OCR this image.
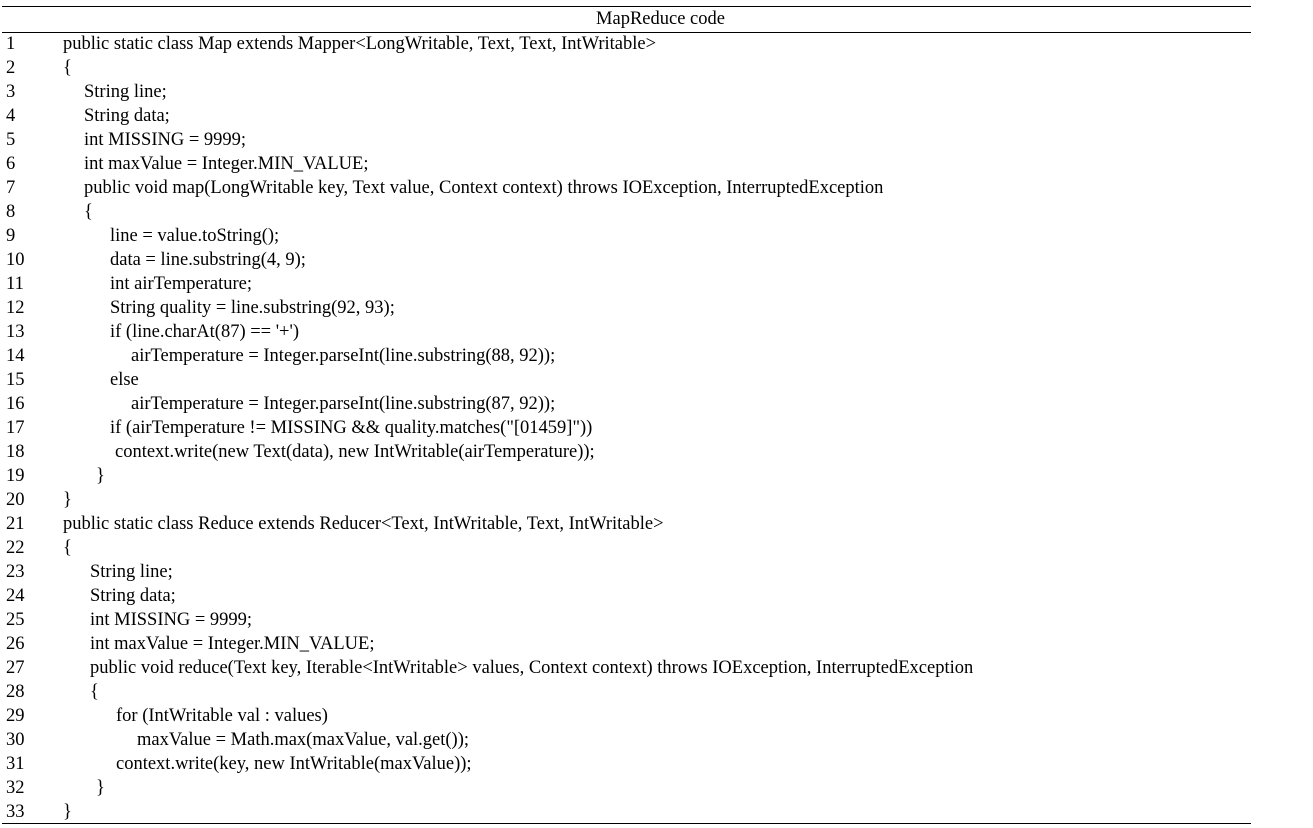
MapReduce code
1	public static class Map extends Mapper<LongWritable, Text, Text, IntWritable>
2	{
3	String line;
4	String data;
5	int MISSING = 9999;
6	int maxValue = Integer.MIN_VALUE;
7	public void map(LongWritable key, Text value, Context context) throws IOException, InterruptedException
8	{
9	line = value.toString();
10	data = line.substring(4, 9);
11	int airTemperature;
12	String quality = line.substring(92, 93);
13	if (line.charAt(87) == '+')
14	airTemperature = Integer.parseInt(line.substring(88, 92));
15	else
16	airTemperature = Integer.parseInt(line.substring(87, 92));
17	if (airTemperature != MISSING && quality.matches("[01459]"))
18	context.write(new Text(data), new IntWritable(airTemperature));
19	}
20 }
21 public static class Reduce extends Reducer<Text, IntWritable, Text, IntWritable>
22 {
23	String line;
24	String data;
25	int MISSING = 9999;
26	int maxValue = Integer.MIN_VALUE;
27	public void reduce(Text key, Iterable<IntWritable> values, Context context) throws IOException, InterruptedException
28	{
29	for (IntWritable val : values)
30	maxValue = Math.max(maxValue, val.get());
31	context.write(key, new IntWritable(maxValue));
32	}
33 }
